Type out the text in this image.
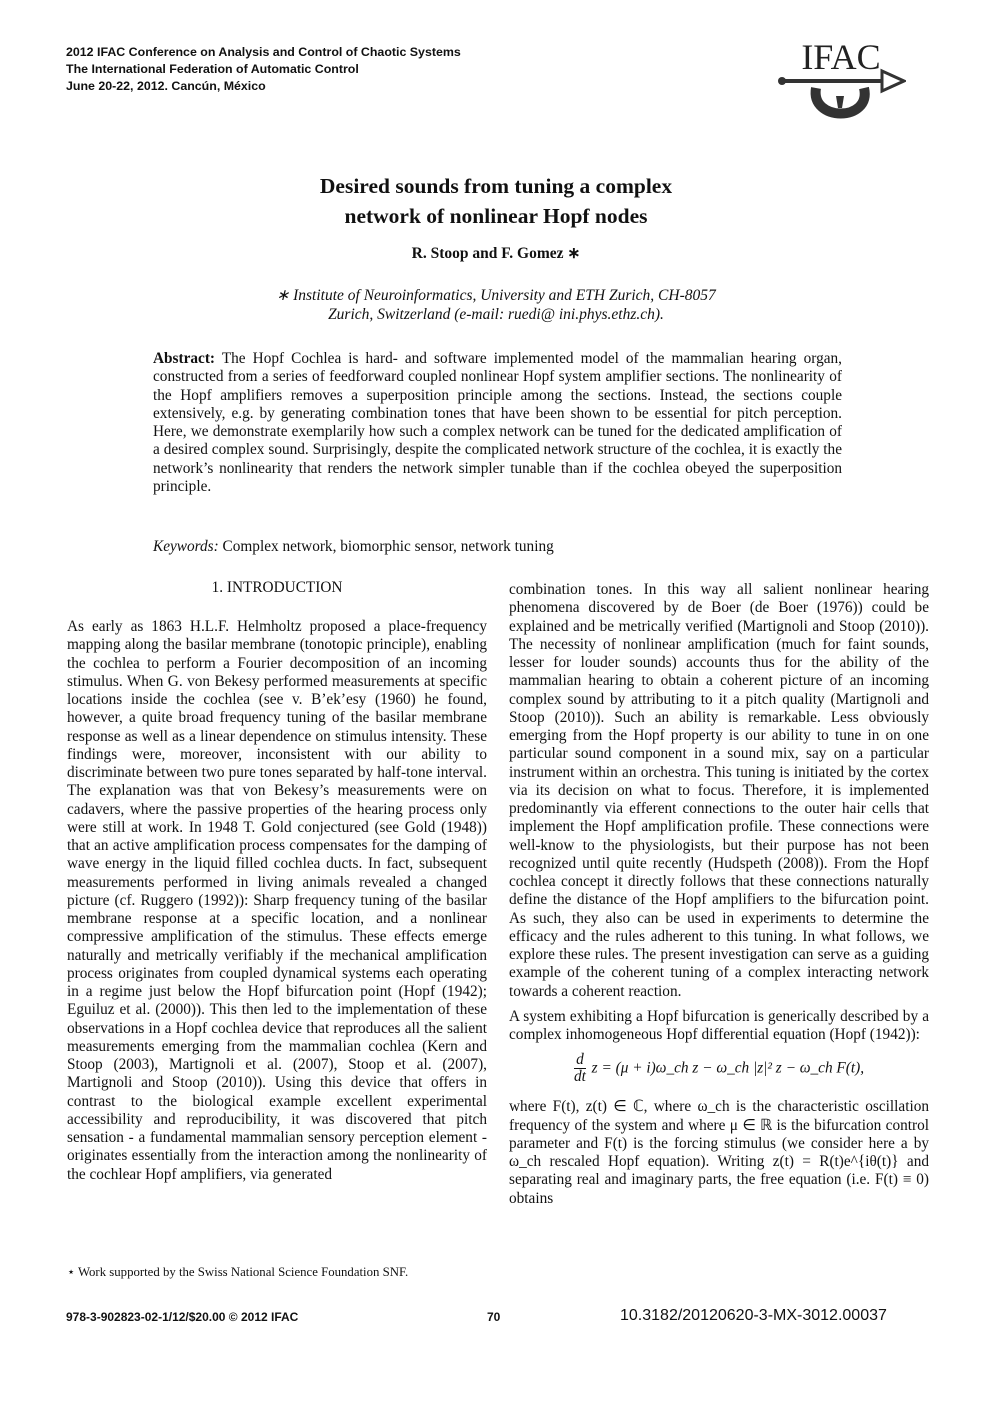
2012 IFAC Conference on Analysis and Control of Chaotic Systems
The International Federation of Automatic Control
June 20-22, 2012. Cancún, México
IFAC
Desired sounds from tuning a complex
network of nonlinear Hopf nodes
R. Stoop and F. Gomez ∗
∗ Institute of Neuroinformatics, University and ETH Zurich, CH-8057
Zurich, Switzerland (e-mail: ruedi@ ini.phys.ethz.ch).
Abstract: The Hopf Cochlea is hard- and software implemented model of the mammalian hearing organ, constructed from a series of feedforward coupled nonlinear Hopf system amplifier sections. The nonlinearity of the Hopf amplifiers removes a superposition principle among the sections. Instead, the sections couple extensively, e.g. by generating combination tones that have been shown to be essential for pitch perception. Here, we demonstrate exemplarily how such a complex network can be tuned for the dedicated amplification of a desired complex sound. Surprisingly, despite the complicated network structure of the cochlea, it is exactly the network’s nonlinearity that renders the network simpler tunable than if the cochlea obeyed the superposition principle.
Keywords: Complex network, biomorphic sensor, network tuning
1. INTRODUCTION

As early as 1863 H.L.F. Helmholtz proposed a place-frequency mapping along the basilar membrane (tonotopic principle), enabling the cochlea to perform a Fourier decomposition of an incoming stimulus. When G. von Bekesy performed measurements at specific locations inside the cochlea (see v. B’ek’esy (1960) he found, however, a quite broad frequency tuning of the basilar membrane response as well as a linear dependence on stimulus intensity. These findings were, moreover, inconsistent with our ability to discriminate between two pure tones separated by half-tone interval. The explanation was that von Bekesy’s measurements were on cadavers, where the passive properties of the hearing process only were still at work. In 1948 T. Gold conjectured (see Gold (1948)) that an active amplification process compensates for the damping of wave energy in the liquid filled cochlea ducts. In fact, subsequent measurements performed in living animals revealed a changed picture (cf. Ruggero (1992)): Sharp frequency tuning of the basilar membrane response at a specific location, and a nonlinear compressive amplification of the stimulus. These effects emerge naturally and metrically verifiably if the mechanical amplification process originates from coupled dynamical systems each operating in a regime just below the Hopf bifurcation point (Hopf (1942); Eguiluz et al. (2000)). This then led to the implementation of these observations in a Hopf cochlea device that reproduces all the salient measurements emerging from the mammalian cochlea (Kern and Stoop (2003), Martignoli et al. (2007), Stoop et al. (2007), Martignoli and Stoop (2010)). Using this device that offers in contrast to the biological example excellent experimental accessibility and reproducibility, it was discovered that pitch sensation - a fundamental mammalian sensory perception element - originates essentially from the interaction among the nonlinearity of the cochlear Hopf amplifiers, via generated

combination tones. In this way all salient nonlinear hearing phenomena discovered by de Boer (de Boer (1976)) could be explained and be metrically verified (Martignoli and Stoop (2010)). The necessity of nonlinear amplification (much for faint sounds, lesser for louder sounds) accounts thus for the ability of the mammalian hearing to obtain a coherent picture of an incoming complex sound by attributing to it a pitch quality (Martignoli and Stoop (2010)). Such an ability is remarkable. Less obviously emerging from the Hopf property is our ability to tune in on one particular sound component in a sound mix, say on a particular instrument within an orchestra. This tuning is initiated by the cortex via its decision on what to focus. Therefore, it is implemented predominantly via efferent connections to the outer hair cells that implement the Hopf amplification profile. These connections were well-know to the physiologists, but their purpose has not been recognized until quite recently (Hudspeth (2008)). From the Hopf cochlea concept it directly follows that these connections naturally define the distance of the Hopf amplifiers to the bifurcation point. As such, they also can be used in experiments to determine the efficacy and the rules adherent to this tuning. In what follows, we explore these rules. The present investigation can serve as a guiding example of the coherent tuning of a complex interacting network towards a coherent reaction.

A system exhibiting a Hopf bifurcation is generically described by a complex inhomogeneous Hopf differential equation (Hopf (1942)):

$\frac{d}{dt}$ z = (μ + i)ω_ch z − ω_ch |z|² z − ω_ch F(t),

where F(t), z(t) ∈ ℂ, where ω_ch is the characteristic oscillation frequency of the system and where μ ∈ ℝ is the bifurcation control parameter and F(t) is the forcing stimulus (we consider here a by ω_ch rescaled Hopf equation). Writing z(t) = R(t)e^{iθ(t)} and separating real and imaginary parts, the free equation (i.e. F(t) ≡ 0) obtains

⋆ Work supported by the Swiss National Science Foundation SNF.
978-3-902823-02-1/12/$20.00 © 2012 IFAC	70	10.3182/20120620-3-MX-3012.00037
